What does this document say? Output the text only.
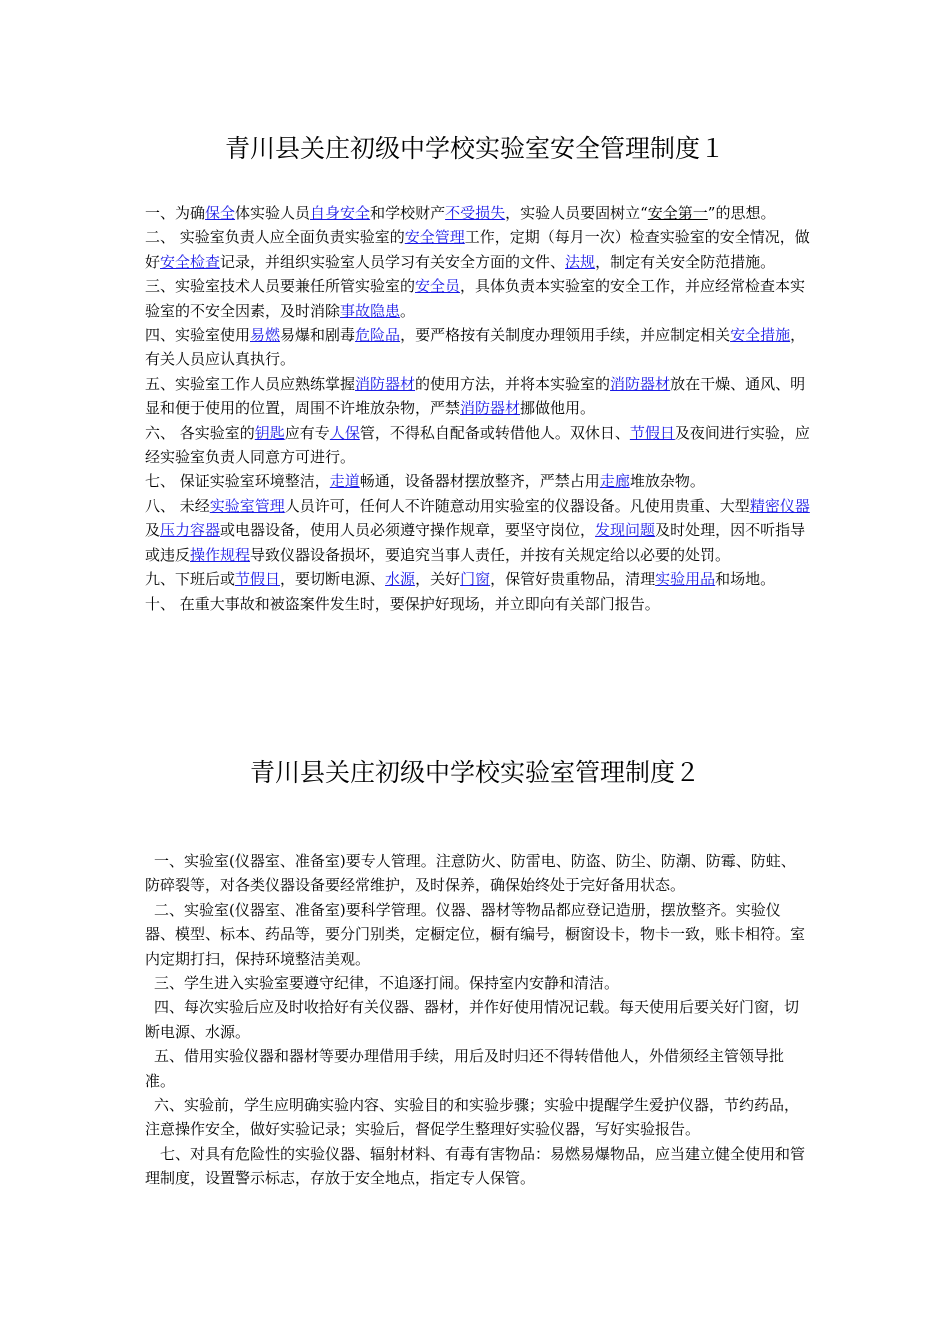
青川县关庄初级中学校实验室安全管理制度１

一、为确保全体实验人员自身安全和学校财产不受损失，实验人员要固树立“安全第一”的思想。

二、 实验室负责人应全面负责实验室的安全管理工作，定期（每月一次）检查实验室的安全情况，做好安全检查记录，并组织实验室人员学习有关安全方面的文件、法规，制定有关安全防范措施。

三、实验室技术人员要兼任所管实验室的安全员，具体负责本实验室的安全工作，并应经常检查本实验室的不安全因素，及时消除事故隐患。

四、实验室使用易燃易爆和剧毒危险品，要严格按有关制度办理领用手续，并应制定相关安全措施，有关人员应认真执行。

五、实验室工作人员应熟练掌握消防器材的使用方法，并将本实验室的消防器材放在干燥、通风、明显和便于使用的位置，周围不许堆放杂物，严禁消防器材挪做他用。

六、 各实验室的钥匙应有专人保管，不得私自配备或转借他人。双休日、节假日及夜间进行实验，应经实验室负责人同意方可进行。

七、 保证实验室环境整洁，走道畅通，设备器材摆放整齐，严禁占用走廊堆放杂物。

八、 未经实验室管理人员许可，任何人不许随意动用实验室的仪器设备。凡使用贵重、大型精密仪器及压力容器或电器设备，使用人员必须遵守操作规章，要坚守岗位，发现问题及时处理，因不听指导或违反操作规程导致仪器设备损坏，要追究当事人责任，并按有关规定给以必要的处罚。

九、下班后或节假日，要切断电源、水源，关好门窗，保管好贵重物品，清理实验用品和场地。

十、 在重大事故和被盗案件发生时，要保护好现场，并立即向有关部门报告。

青川县关庄初级中学校实验室管理制度２

一、实验室(仪器室、准备室)要专人管理。注意防火、防雷电、防盗、防尘、防潮、防霉、防蛀、防碎裂等，对各类仪器设备要经常维护，及时保养，确保始终处于完好备用状态。

二、实验室(仪器室、准备室)要科学管理。仪器、器材等物品都应登记造册，摆放整齐。实验仪器、模型、标本、药品等，要分门别类，定橱定位，橱有编号，橱窗设卡，物卡一致，账卡相符。室内定期打扫，保持环境整洁美观。

三、学生进入实验室要遵守纪律，不追逐打闹。保持室内安静和清洁。

四、每次实验后应及时收拾好有关仪器、器材，并作好使用情况记载。每天使用后要关好门窗，切断电源、水源。

五、借用实验仪器和器材等要办理借用手续，用后及时归还不得转借他人，外借须经主管领导批准。

六、实验前，学生应明确实验内容、实验目的和实验步骤；实验中提醒学生爱护仪器，节约药品，注意操作安全，做好实验记录；实验后，督促学生整理好实验仪器，写好实验报告。

七、对具有危险性的实验仪器、辐射材料、有毒有害物品：易燃易爆物品，应当建立健全使用和管理制度，设置警示标志，存放于安全地点，指定专人保管。
